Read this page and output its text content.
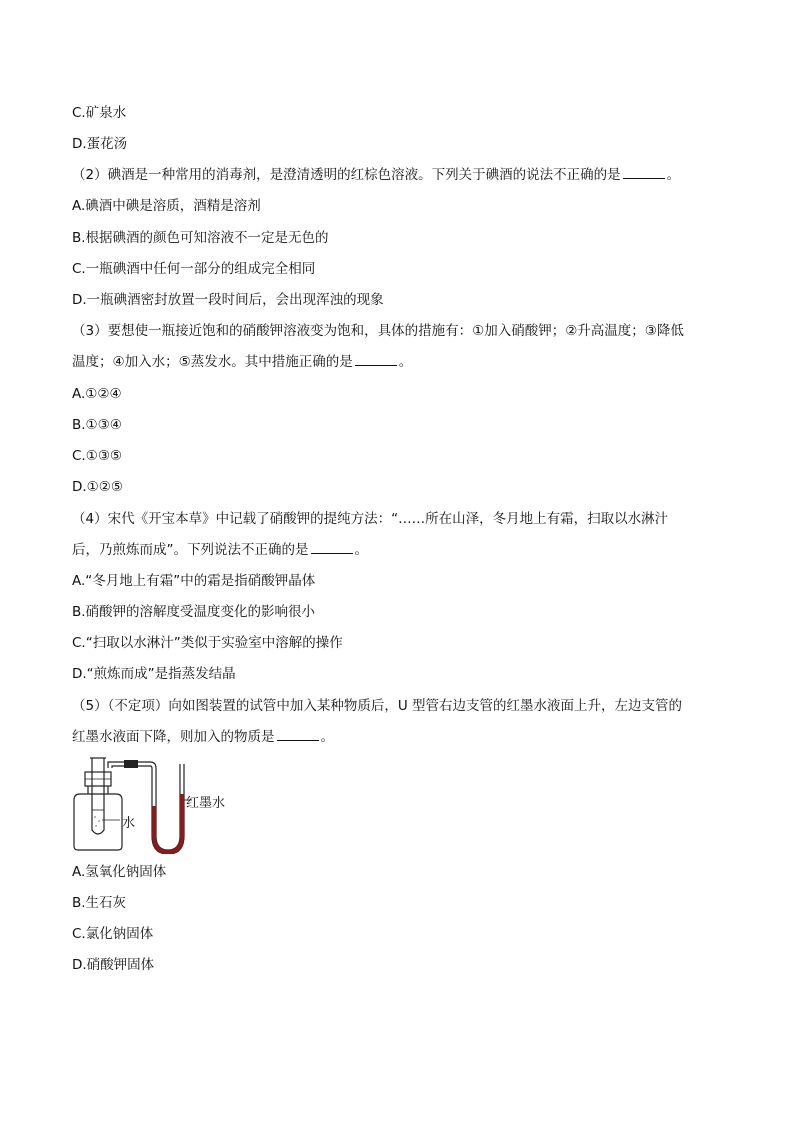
C.矿泉水
D.蛋花汤
（2）碘酒是一种常用的消毒剂，是澄清透明的红棕色溶液。下列关于碘酒的说法不正确的是	。
A.碘酒中碘是溶质，酒精是溶剂
B.根据碘酒的颜色可知溶液不一定是无色的
C.一瓶碘酒中任何一部分的组成完全相同
D.一瓶碘酒密封放置一段时间后，会出现浑浊的现象
（3）要想使一瓶接近饱和的硝酸钾溶液变为饱和，具体的措施有：①加入硝酸钾；②升高温度；③降低
温度；④加入水；⑤蒸发水。其中措施正确的是	。
A.①②④
B.①③④
C.①③⑤
D.①②⑤
（4）宋代《开宝本草》中记载了硝酸钾的提纯方法：“……所在山泽，冬月地上有霜，扫取以水淋汁
后，乃煎炼而成”。下列说法不正确的是	。
A.“冬月地上有霜”中的霜是指硝酸钾晶体
B.硝酸钾的溶解度受温度变化的影响很小
C.“扫取以水淋汁”类似于实验室中溶解的操作
D.“煎炼而成”是指蒸发结晶
（5）（不定项）向如图装置的试管中加入某种物质后，U 型管右边支管的红墨水液面上升，左边支管的
红墨水液面下降，则加入的物质是	。
水
红墨水
A.氢氧化钠固体
B.生石灰
C.氯化钠固体
D.硝酸钾固体
